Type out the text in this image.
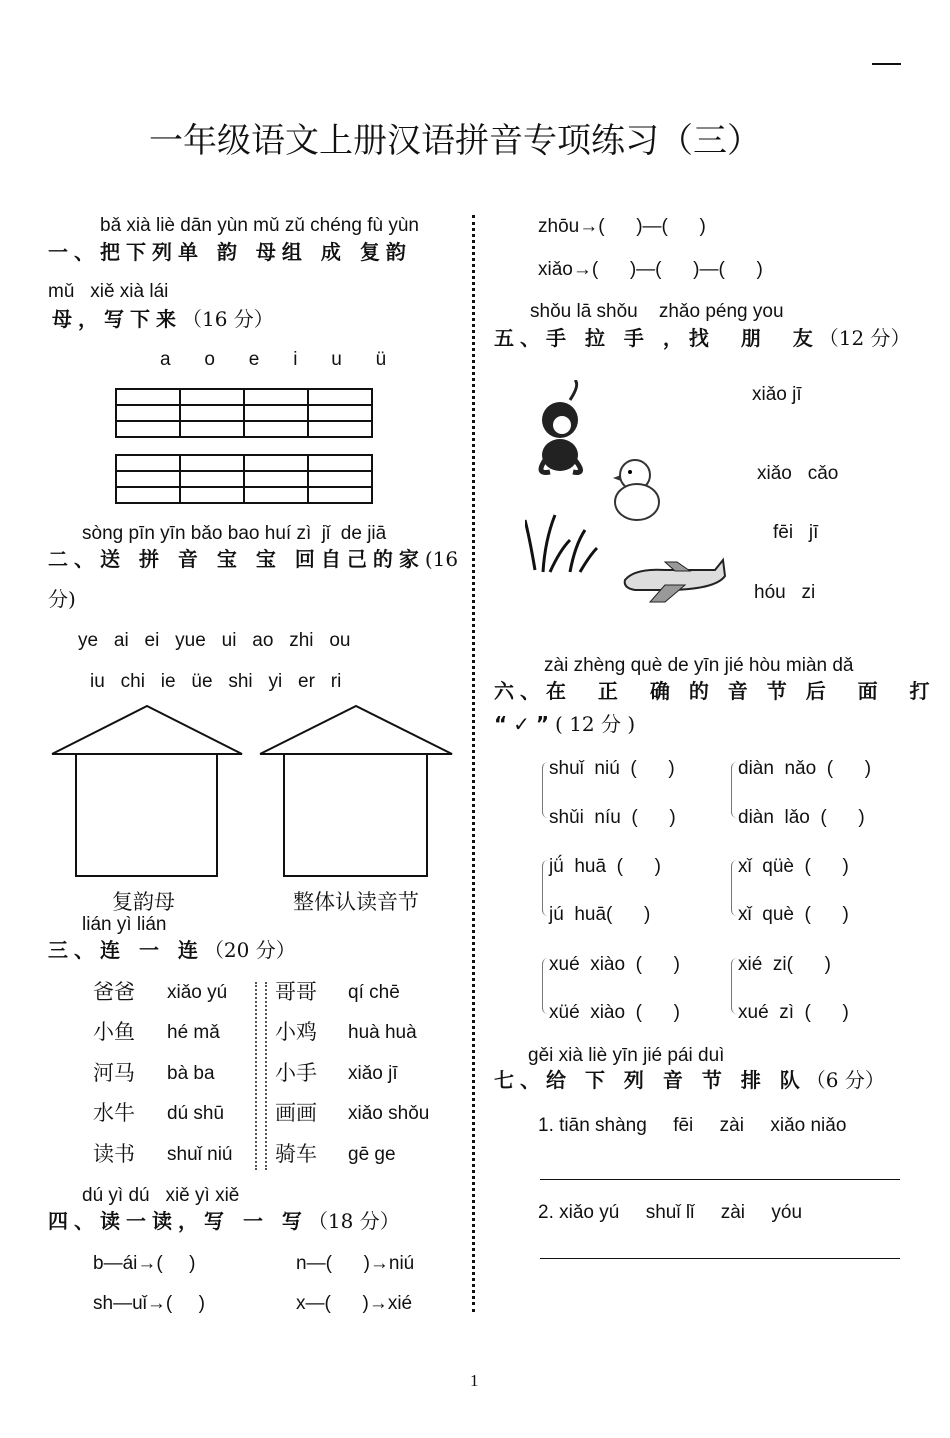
一年级语文上册汉语拼音专项练习（三）
bǎ xià liè dān yùn mǔ zǔ chéng fù yùn
一、把下列单 韵 母组 成 复韵
mǔ   xiě xià lái
母，写下来（16 分）
a   o   e   i   u   ü

sòng pīn yīn bǎo bao huí zì  jǐ  de jiā
二、送 拼 音 宝 宝 回自己的家(16
分)
ye   ai   ei   yue   ui   ao   zhi   ou
iu   chi   ie   üe   shi   yi   er   ri
复韵母	整体认读音节
lián yì lián
三、连 一 连（20 分）
爸爸 xiǎo yú 哥哥 qí chē
小鱼 hé mǎ	小鸡 huà huà
河马 bà ba	小手 xiǎo jī
水牛 dú shū 画画 xiǎo shǒu
读书 shuǐ niú 骑车 gē ge
dú yì dú   xiě yì xiě
四、读一读，写 一 写（18 分）
b—ái→(     )	n—(      )→niú
sh—uǐ→(     )	x—(      )→xié
zhōu→(      )—(      )
xiǎo→(      )—(      )—(      )
shǒu lā shǒu    zhǎo péng you
五、手 拉 手 ，找  朋  友（12 分）
xiǎo jī
xiǎo   cǎo
fēi   jī
hóu   zi
zài zhèng què de yīn jié hòu miàn dǎ
六、在  正  确 的 音 节 后  面  打
“✓”( 12 分 )
shuǐ  niú  (      )
shǔi  níu  (      )
diàn  nǎo  (      )
diàn  lǎo  (      )
jǘ  huā  (      )
jú  huā(      )
xǐ  qüè  (      )
xǐ  què  (      )
xué  xiào  (      )
xüé  xiào  (      )
xié  zi(      )
xué  zì  (      )
gěi xià liè yīn jié pái duì
七、给 下 列 音 节 排 队（6 分）
1. tiān shàng     fēi     zài     xiǎo niǎo
2. xiǎo yú     shuǐ lǐ     zài     yóu
1
